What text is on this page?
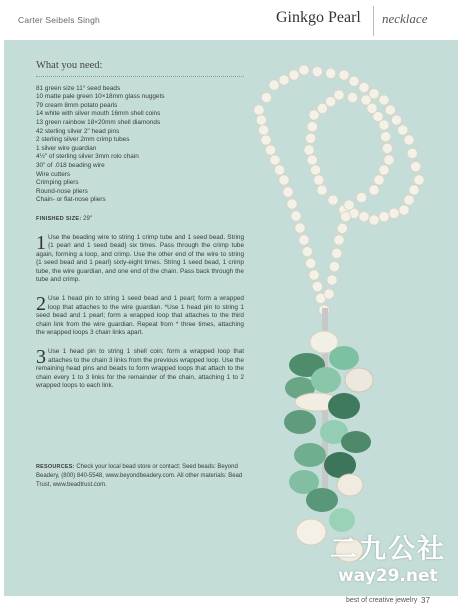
Carter Seibels Singh	Ginkgo Pearl necklace
What you need:
81 green size 11° seed beads
10 matte pale green 10×18mm glass nuggets
79 cream 8mm potato pearls
14 white with silver mouth 16mm shell coins
13 green rainbow 18×20mm shell diamonds
42 sterling silver 2" head pins
2 sterling silver 2mm crimp tubes
1 silver wire guardian
4½" of sterling silver 3mm rolo chain
30" of .018 beading wire
Wire cutters
Crimping pliers
Round-nose pliers
Chain- or flat-nose pliers
FINISHED SIZE: 29"
1 Use the beading wire to string 1 crimp tube and 1 seed bead. String {1 pearl and 1 seed bead} six times. Pass through the crimp tube again, forming a loop, and crimp. Use the other end of the wire to string {1 seed bead and 1 pearl} sixty-eight times. String 1 seed bead, 1 crimp tube, the wire guardian, and one end of the chain. Pass back through the tube and crimp.
2 Use 1 head pin to string 1 seed bead and 1 pearl; form a wrapped loop that attaches to the wire guardian. *Use 1 head pin to string 1 seed bead and 1 pearl; form a wrapped loop that attaches to the third chain link from the wire guardian. Repeat from * three times, attaching the wrapped loops 3 chain links apart.
3 Use 1 head pin to string 1 shell coin; form a wrapped loop that attaches to the chain 3 links from the previous wrapped loop. Use the remaining head pins and beads to form wrapped loops that attach to the chain every 1 to 3 links for the remainder of the chain, attaching 1 to 2 wrapped loops to each link.
RESOURCES: Check your local bead store or contact: Seed beads: Beyond Beadery, (800) 840-5548, www.beyondbeadery.com. All other materials: Bead Trust, www.beadtrust.com.
best of creative jewelry 37
二九公社
way29.net
